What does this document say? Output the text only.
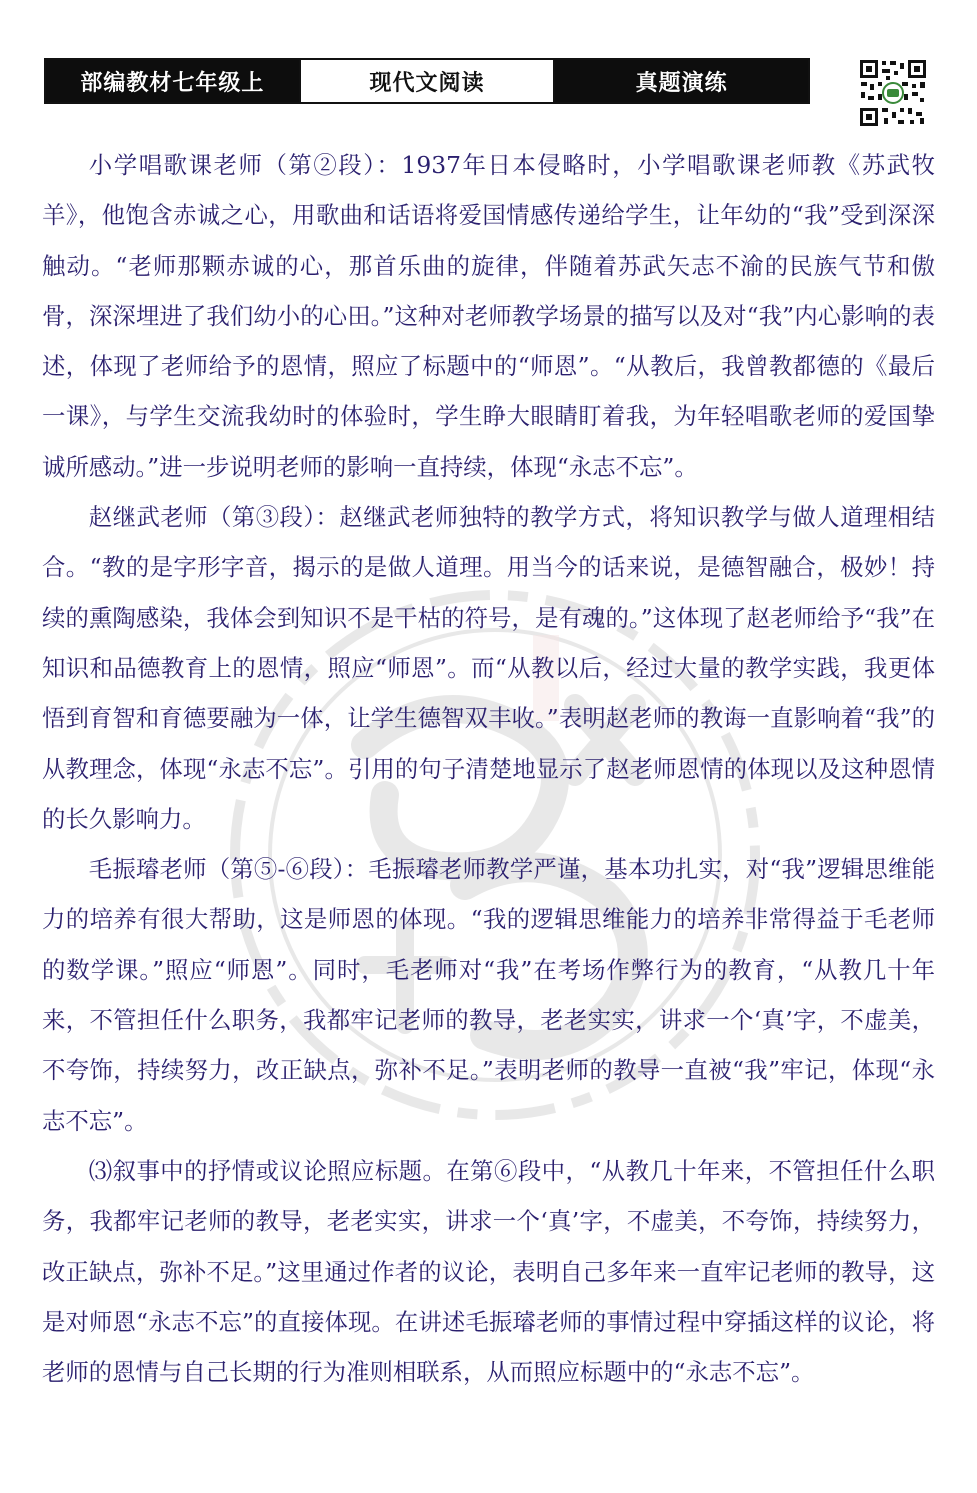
部编教材七年级上	现代文阅读	真题演练

小学唱歌课老师（第②段）：1937年日本侵略时，小学唱歌课老师教《苏武牧羊》，他饱含赤诚之心，用歌曲和话语将爱国情感传递给学生，让年幼的“我”受到深深触动。“老师那颗赤诚的心，那首乐曲的旋律，伴随着苏武矢志不渝的民族气节和傲骨，深深埋进了我们幼小的心田。”这种对老师教学场景的描写以及对“我”内心影响的表述，体现了老师给予的恩情，照应了标题中的“师恩”。“从教后，我曾教都德的《最后一课》，与学生交流我幼时的体验时，学生睁大眼睛盯着我，为年轻唱歌老师的爱国挚诚所感动。”进一步说明老师的影响一直持续，体现“永志不忘”。

赵继武老师（第③段）：赵继武老师独特的教学方式，将知识教学与做人道理相结合。“教的是字形字音，揭示的是做人道理。用当今的话来说，是德智融合，极妙！持续的熏陶感染，我体会到知识不是干枯的符号，是有魂的。”这体现了赵老师给予“我”在知识和品德教育上的恩情，照应“师恩”。而“从教以后，经过大量的教学实践，我更体悟到育智和育德要融为一体，让学生德智双丰收。”表明赵老师的教诲一直影响着“我”的从教理念，体现“永志不忘”。引用的句子清楚地显示了赵老师恩情的体现以及这种恩情的长久影响力。

毛振璿老师（第⑤-⑥段）：毛振璿老师教学严谨，基本功扎实，对“我”逻辑思维能力的培养有很大帮助，这是师恩的体现。“我的逻辑思维能力的培养非常得益于毛老师的数学课。”照应“师恩”。同时，毛老师对“我”在考场作弊行为的教育，“从教几十年来，不管担任什么职务，我都牢记老师的教导，老老实实，讲求一个‘真’字，不虚美，不夸饰，持续努力，改正缺点，弥补不足。”表明老师的教导一直被“我”牢记，体现“永志不忘”。

⑶叙事中的抒情或议论照应标题。在第⑥段中，“从教几十年来，不管担任什么职务，我都牢记老师的教导，老老实实，讲求一个‘真’字，不虚美，不夸饰，持续努力，改正缺点，弥补不足。”这里通过作者的议论，表明自己多年来一直牢记老师的教导，这是对师恩“永志不忘”的直接体现。在讲述毛振璿老师的事情过程中穿插这样的议论，将老师的恩情与自己长期的行为准则相联系，从而照应标题中的“永志不忘”。
